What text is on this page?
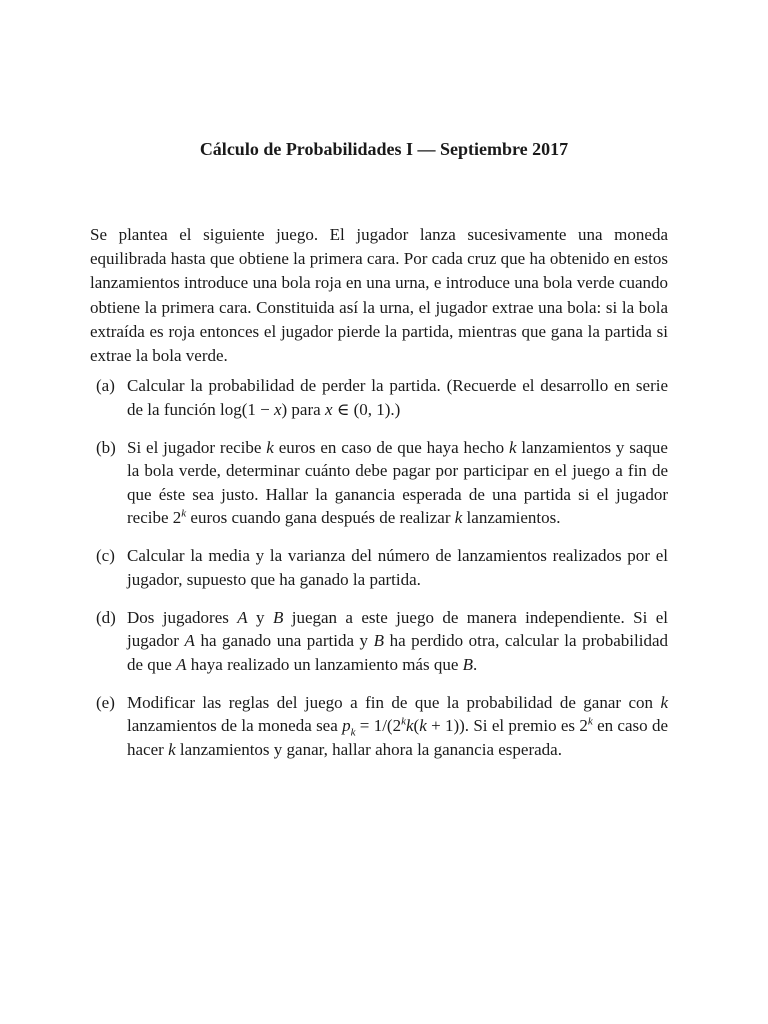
Cálculo de Probabilidades I — Septiembre 2017

Se plantea el siguiente juego. El jugador lanza sucesivamente una moneda equilibrada hasta que obtiene la primera cara. Por cada cruz que ha obtenido en estos lanzamientos introduce una bola roja en una urna, e introduce una bola verde cuando obtiene la primera cara. Constituida así la urna, el jugador extrae una bola: si la bola extraída es roja entonces el jugador pierde la partida, mientras que gana la partida si extrae la bola verde.

(a) Calcular la probabilidad de perder la partida. (Recuerde el desarrollo en serie de la función log(1 − x) para x ∈ (0, 1).)
(b) Si el jugador recibe k euros en caso de que haya hecho k lanzamientos y saque la bola verde, determinar cuánto debe pagar por participar en el juego a fin de que éste sea justo. Hallar la ganancia esperada de una partida si el jugador recibe 2$^k$ euros cuando gana después de realizar k lanzamientos.
(c) Calcular la media y la varianza del número de lanzamientos realizados por el jugador, supuesto que ha ganado la partida.
(d) Dos jugadores A y B juegan a este juego de manera independiente. Si el jugador A ha ganado una partida y B ha perdido otra, calcular la probabilidad de que A haya realizado un lanzamiento más que B.
(e) Modificar las reglas del juego a fin de que la probabilidad de ganar con k lanzamientos de la moneda sea $p_k = 1/(2^kk(k + 1))$. Si el premio es 2$^k$ en caso de hacer k lanzamientos y ganar, hallar ahora la ganancia esperada.
